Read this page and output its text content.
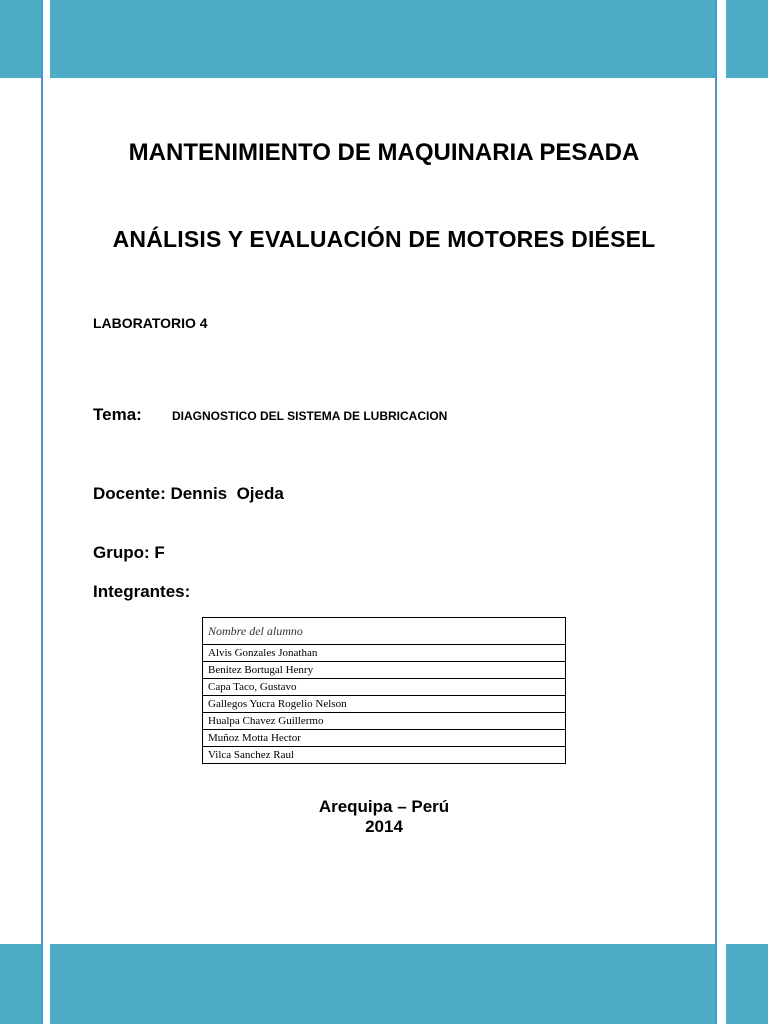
MANTENIMIENTO DE MAQUINARIA PESADA
ANÁLISIS Y EVALUACIÓN DE MOTORES DIÉSEL
LABORATORIO 4
Tema:	DIAGNOSTICO DEL SISTEMA DE LUBRICACION
Docente: Dennis  Ojeda
Grupo: F
Integrantes:
Nombre del alumno
Alvis Gonzales Jonathan
Benitez Bortugal Henry
Capa Taco, Gustavo
Gallegos Yucra Rogelio Nelson
Hualpa Chavez Guillermo
Muñoz Motta Hector
Vilca Sanchez Raul
Arequipa – Perú
2014
